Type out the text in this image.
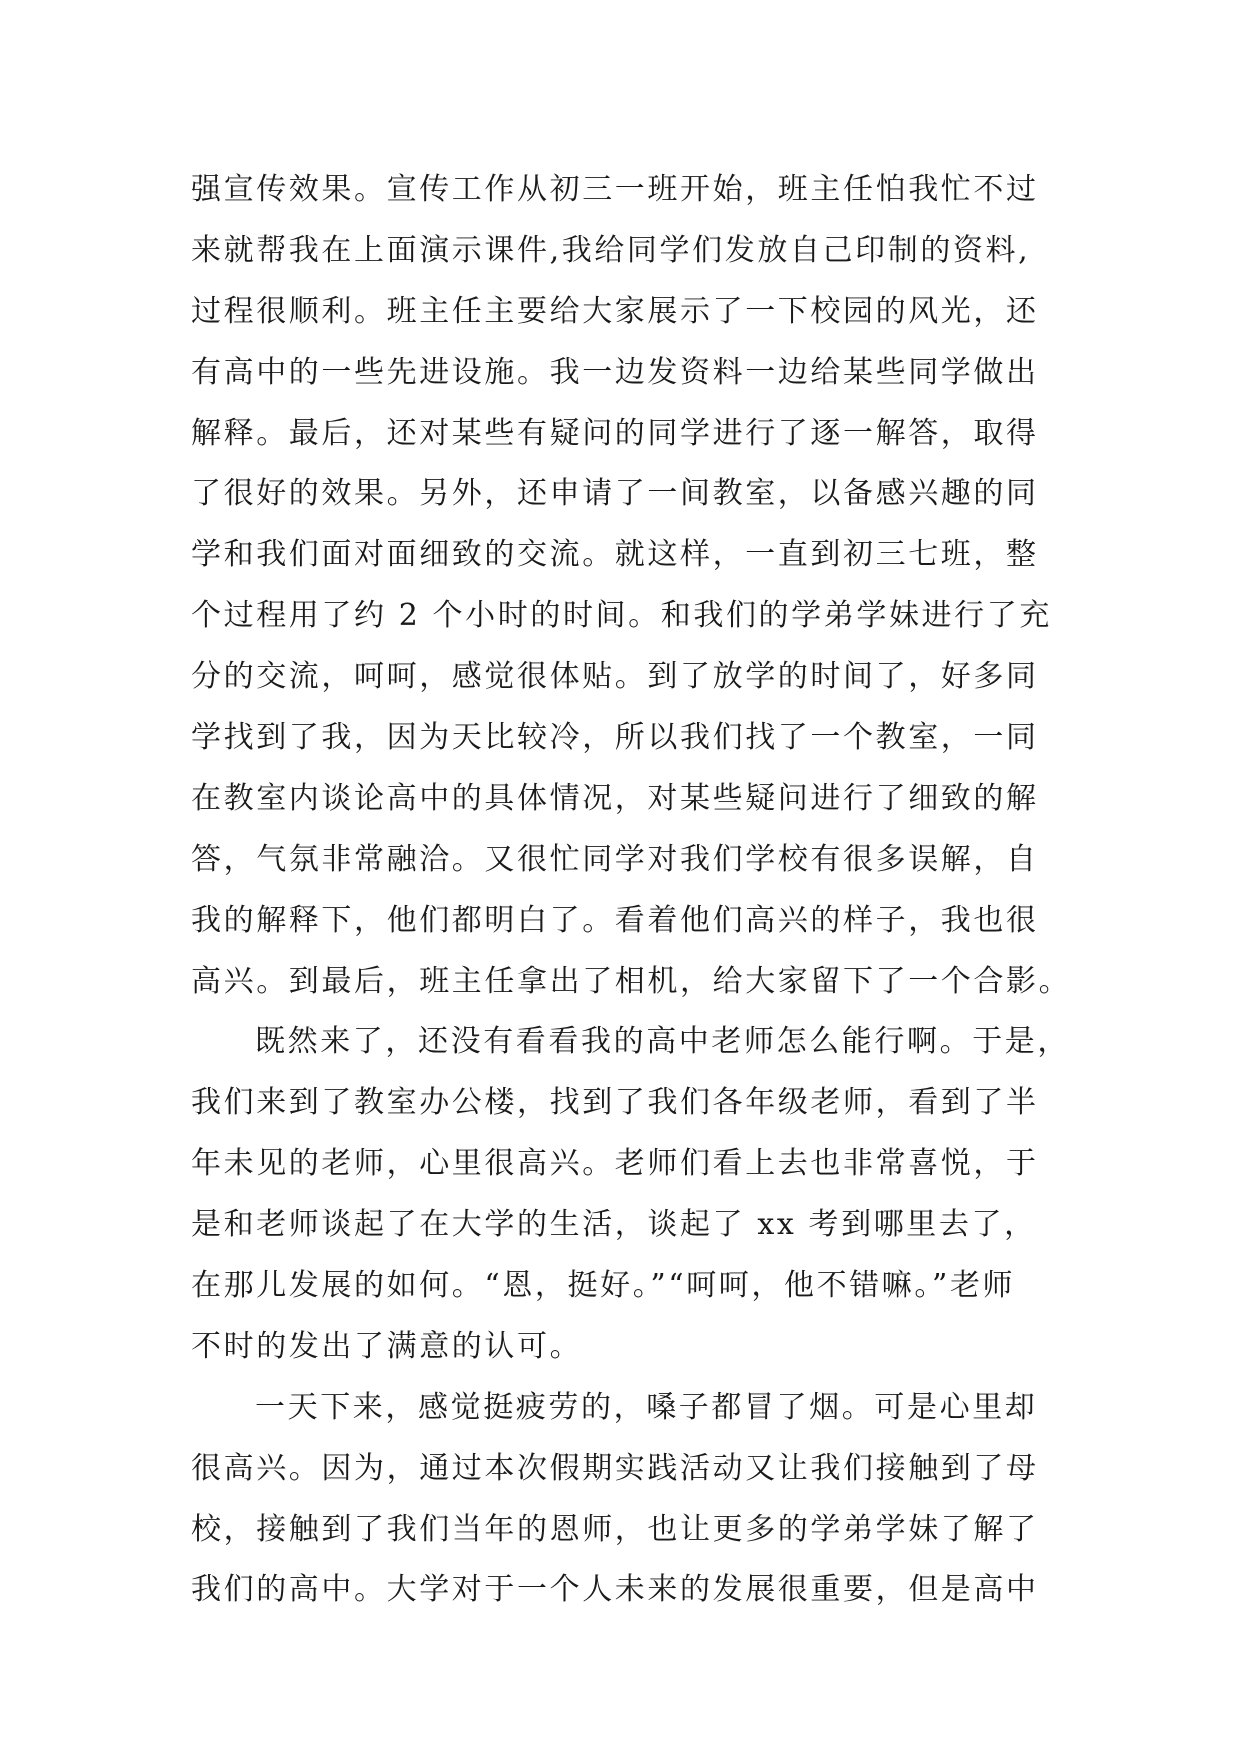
强宣传效果。宣传工作从初三一班开始，班主任怕我忙不过
来就帮我在上面演示课件,我给同学们发放自己印制的资料,
过程很顺利。班主任主要给大家展示了一下校园的风光，还
有高中的一些先进设施。我一边发资料一边给某些同学做出
解释。最后，还对某些有疑问的同学进行了逐一解答，取得
了很好的效果。另外，还申请了一间教室，以备感兴趣的同
学和我们面对面细致的交流。就这样，一直到初三七班，整
个过程用了约 2 个小时的时间。和我们的学弟学妹进行了充
分的交流，呵呵，感觉很体贴。到了放学的时间了，好多同
学找到了我，因为天比较冷，所以我们找了一个教室，一同
在教室内谈论高中的具体情况，对某些疑问进行了细致的解
答，气氛非常融洽。又很忙同学对我们学校有很多误解，自
我的解释下，他们都明白了。看着他们高兴的样子，我也很
高兴。到最后，班主任拿出了相机，给大家留下了一个合影。
既然来了，还没有看看我的高中老师怎么能行啊。于是，
我们来到了教室办公楼，找到了我们各年级老师，看到了半
年未见的老师，心里很高兴。老师们看上去也非常喜悦，于
是和老师谈起了在大学的生活，谈起了 xx 考到哪里去了，
在那儿发展的如何。“恩，挺好。”“呵呵，他不错嘛。”老师
不时的发出了满意的认可。
一天下来，感觉挺疲劳的，嗓子都冒了烟。可是心里却
很高兴。因为，通过本次假期实践活动又让我们接触到了母
校，接触到了我们当年的恩师，也让更多的学弟学妹了解了
我们的高中。大学对于一个人未来的发展很重要，但是高中
